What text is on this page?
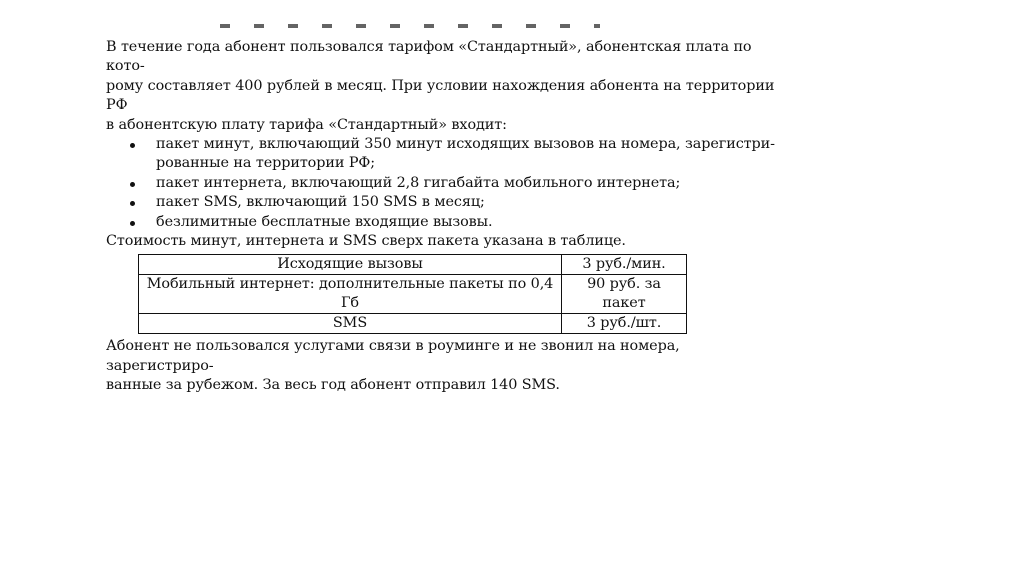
В течение года абонент пользовался тарифом «Стандартный», абонентская плата по кото-

рому составляет 400 рублей в месяц. При условии нахождения абонента на территории РФ

в абонентскую плату тарифа «Стандартный» входит:

пакет минут, включающий 350 минут исходящих вызовов на номера, зарегистри-
рованные на территории РФ;
пакет интернета, включающий 2,8 гигабайта мобильного интернета;
пакет SMS, включающий 150 SMS в месяц;
безлимитные бесплатные входящие вызовы.

Стоимость минут, интернета и SMS сверх пакета указана в таблице.

Исходящие вызовы	3 руб./мин.
Мобильный интернет: дополнительные пакеты по 0,4 Гб	90 руб. за пакет
SMS	3 руб./шт.

Абонент не пользовался услугами связи в роуминге и не звонил на номера, зарегистриро-

ванные за рубежом. За весь год абонент отправил 140 SMS.
